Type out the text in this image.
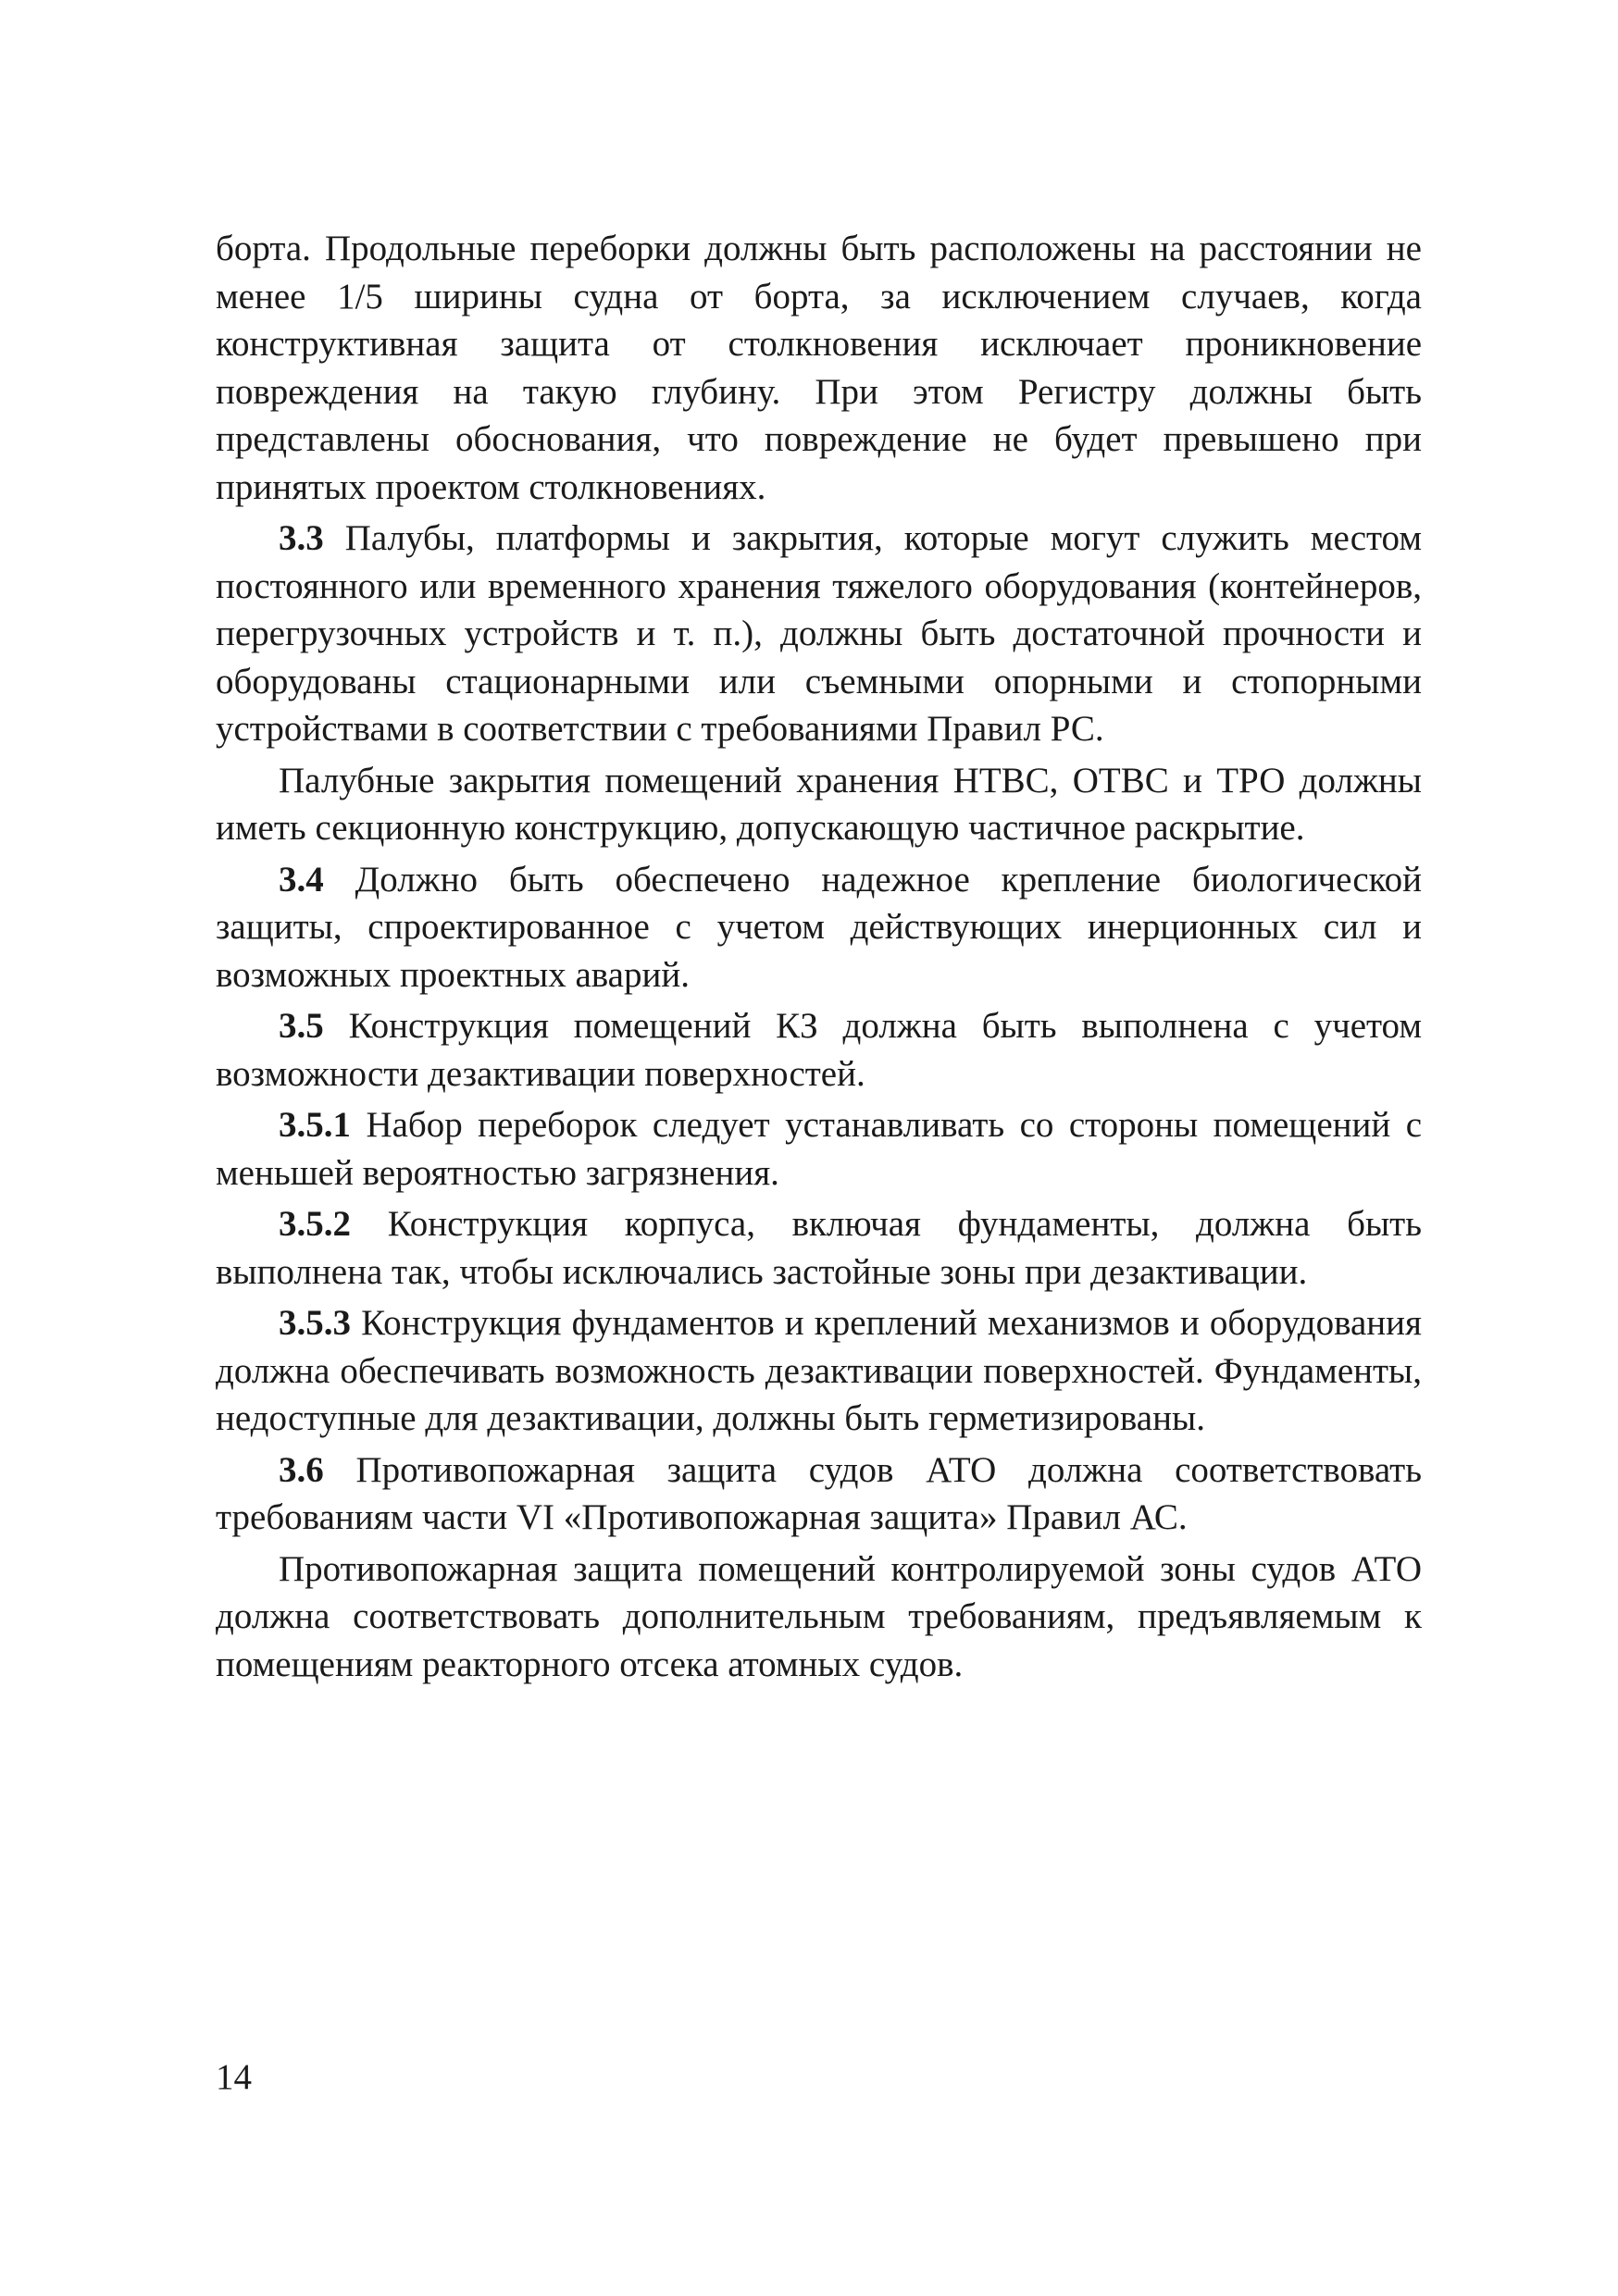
борта. Продольные переборки должны быть расположены на расстоянии не менее 1/5 ширины судна от борта, за исключением случаев, когда конструктивная защита от столкновения исключает проникновение повреждения на такую глубину. При этом Регистру должны быть представлены обоснования, что повреждение не будет превышено при принятых проектом столкновениях.

3.3 Палубы, платформы и закрытия, которые могут служить местом постоянного или временного хранения тяжелого оборудования (контейнеров, перегрузочных устройств и т. п.), должны быть достаточной прочности и оборудованы стационарными или съемными опорными и стопорными устройствами в соответствии с требованиями Правил РС.

Палубные закрытия помещений хранения НТВС, ОТВС и ТРО должны иметь секционную конструкцию, допускающую частичное раскрытие.

3.4 Должно быть обеспечено надежное крепление биологической защиты, спроектированное с учетом действующих инерционных сил и возможных проектных аварий.

3.5 Конструкция помещений КЗ должна быть выполнена с учетом возможности дезактивации поверхностей.

3.5.1 Набор переборок следует устанавливать со стороны помещений с меньшей вероятностью загрязнения.

3.5.2 Конструкция корпуса, включая фундаменты, должна быть выполнена так, чтобы исключались застойные зоны при дезактивации.

3.5.3 Конструкция фундаментов и креплений механизмов и оборудования должна обеспечивать возможность дезактивации поверхностей. Фундаменты, недоступные для дезактивации, должны быть герметизированы.

3.6 Противопожарная защита судов АТО должна соответствовать требованиям части VI «Противопожарная защита» Правил АС.

Противопожарная защита помещений контролируемой зоны судов АТО должна соответствовать дополнительным требованиям, предъявляемым к помещениям реакторного отсека атомных судов.

14
